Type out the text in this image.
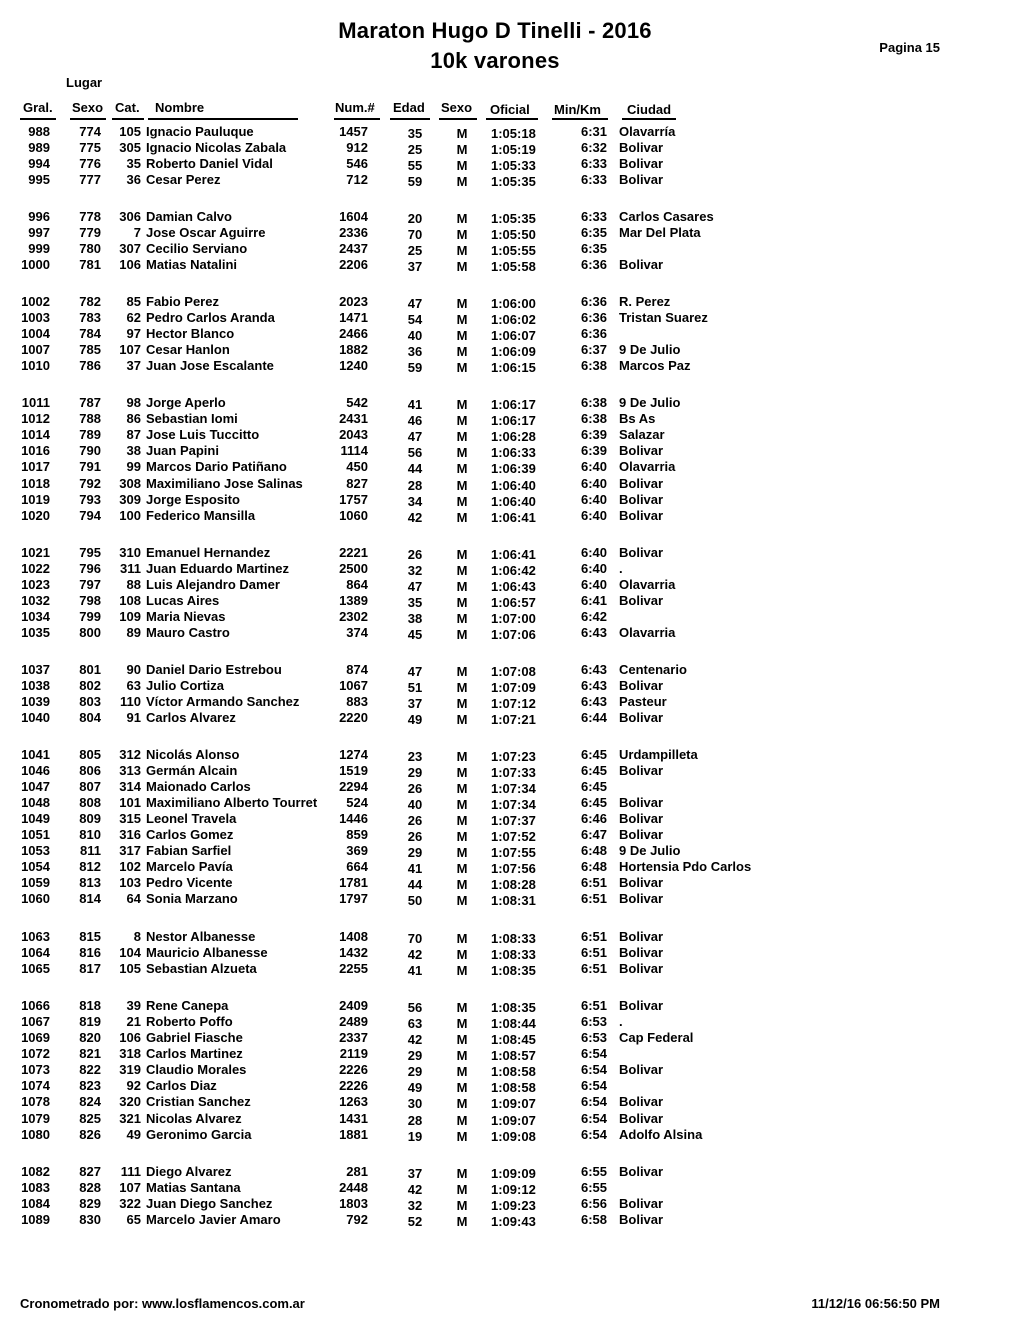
Maraton Hugo D Tinelli - 2016
10k varones
Pagina 15
Lugar
Gral. Sexo Cat. Nombre	Num.# Edad Sexo Oficial Min/Km Ciudad
988 774 105 Ignacio Pauluque	1457	35	M 1:05:18	6:31 Olavarría
989 775 305 Ignacio Nicolas Zabala	912	25	M 1:05:19	6:32 Bolivar
994 776 35 Roberto Daniel Vidal	546	55	M 1:05:33	6:33 Bolivar
995 777 36 Cesar Perez	712	59	M 1:05:35	6:33 Bolivar
996 778 306 Damian Calvo	1604	20	M 1:05:35	6:33 Carlos Casares
997 779	7 Jose Oscar Aguirre	2336	70	M 1:05:50	6:35 Mar Del Plata
999 780 307 Cecilio Serviano	2437	25	M 1:05:55	6:35
1000 781 106 Matias Natalini	2206	37	M 1:05:58	6:36 Bolivar
1002 782 85 Fabio Perez	2023	47	M 1:06:00	6:36 R. Perez
1003 783 62 Pedro Carlos Aranda	1471	54	M 1:06:02	6:36 Tristan Suarez
1004 784 97 Hector Blanco	2466	40	M 1:06:07	6:36
1007 785 107 Cesar Hanlon	1882	36	M 1:06:09	6:37 9 De Julio
1010 786 37 Juan Jose Escalante	1240	59	M 1:06:15	6:38 Marcos Paz
1011 787 98 Jorge Aperlo	542	41	M 1:06:17	6:38 9 De Julio
1012 788 86 Sebastian Iomi	2431	46	M 1:06:17	6:38 Bs As
1014 789 87 Jose Luis Tuccitto	2043	47	M 1:06:28	6:39 Salazar
1016 790 38 Juan Papini	1114	56	M 1:06:33	6:39 Bolivar
1017 791 99 Marcos Dario Patiñano	450	44	M 1:06:39	6:40 Olavarria
1018 792 308 Maximiliano Jose Salinas	827	28	M 1:06:40	6:40 Bolivar
1019 793 309 Jorge Esposito	1757	34	M 1:06:40	6:40 Bolivar
1020 794 100 Federico Mansilla	1060	42	M 1:06:41	6:40 Bolivar
1021 795 310 Emanuel Hernandez	2221	26	M 1:06:41	6:40 Bolivar
1022 796 311 Juan Eduardo Martinez	2500	32	M 1:06:42	6:40 .
1023 797 88 Luis Alejandro Damer	864	47	M 1:06:43	6:40 Olavarria
1032 798 108 Lucas Aires	1389	35	M 1:06:57	6:41 Bolivar
1034 799 109 Maria Nievas	2302	38	M 1:07:00	6:42
1035 800 89 Mauro Castro	374	45	M 1:07:06	6:43 Olavarria
1037 801 90 Daniel Dario Estrebou	874	47	M 1:07:08	6:43 Centenario
1038 802 63 Julio Cortiza	1067	51	M 1:07:09	6:43 Bolivar
1039 803 110 Víctor Armando Sanchez	883	37	M 1:07:12	6:43 Pasteur
1040 804 91 Carlos Alvarez	2220	49	M 1:07:21	6:44 Bolivar
1041 805 312 Nicolás Alonso	1274	23	M 1:07:23	6:45 Urdampilleta
1046 806 313 Germán Alcain	1519	29	M 1:07:33	6:45 Bolivar
1047 807 314 Maionado Carlos	2294	26	M 1:07:34	6:45
1048 808 101 Maximiliano Alberto Tourret 524	40	M 1:07:34	6:45 Bolivar
1049 809 315 Leonel Travela	1446	26	M 1:07:37	6:46 Bolivar
1051 810 316 Carlos Gomez	859	26	M 1:07:52	6:47 Bolivar
1053 811 317 Fabian Sarfiel	369	29	M 1:07:55	6:48 9 De Julio
1054 812 102 Marcelo Pavía	664	41	M 1:07:56	6:48 Hortensia Pdo Carlos
1059 813 103 Pedro Vicente	1781	44	M 1:08:28	6:51 Bolivar
1060 814 64 Sonia Marzano	1797	50	M 1:08:31	6:51 Bolivar
1063 815	8 Nestor Albanesse	1408	70	M 1:08:33	6:51 Bolivar
1064 816 104 Mauricio Albanesse	1432	42	M 1:08:33	6:51 Bolivar
1065 817 105 Sebastian Alzueta	2255	41	M 1:08:35	6:51 Bolivar
1066 818 39 Rene Canepa	2409	56	M 1:08:35	6:51 Bolivar
1067 819 21 Roberto Poffo	2489	63	M 1:08:44	6:53 .
1069 820 106 Gabriel Fiasche	2337	42	M 1:08:45	6:53 Cap Federal
1072 821 318 Carlos Martinez	2119	29	M 1:08:57	6:54
1073 822 319 Claudio Morales	2226	29	M 1:08:58	6:54 Bolivar
1074 823 92 Carlos Diaz	2226	49	M 1:08:58	6:54
1078 824 320 Cristian Sanchez	1263	30	M 1:09:07	6:54 Bolivar
1079 825 321 Nicolas Alvarez	1431	28	M 1:09:07	6:54 Bolivar
1080 826 49 Geronimo Garcia	1881	19	M 1:09:08	6:54 Adolfo Alsina
1082 827 111 Diego Alvarez	281	37	M 1:09:09	6:55 Bolivar
1083 828 107 Matias Santana	2448	42	M 1:09:12	6:55
1084 829 322 Juan Diego Sanchez	1803	32	M 1:09:23	6:56 Bolivar
1089 830 65 Marcelo Javier Amaro	792	52	M 1:09:43	6:58 Bolivar
Cronometrado por: www.losflamencos.com.ar	11/12/16 06:56:50 PM
